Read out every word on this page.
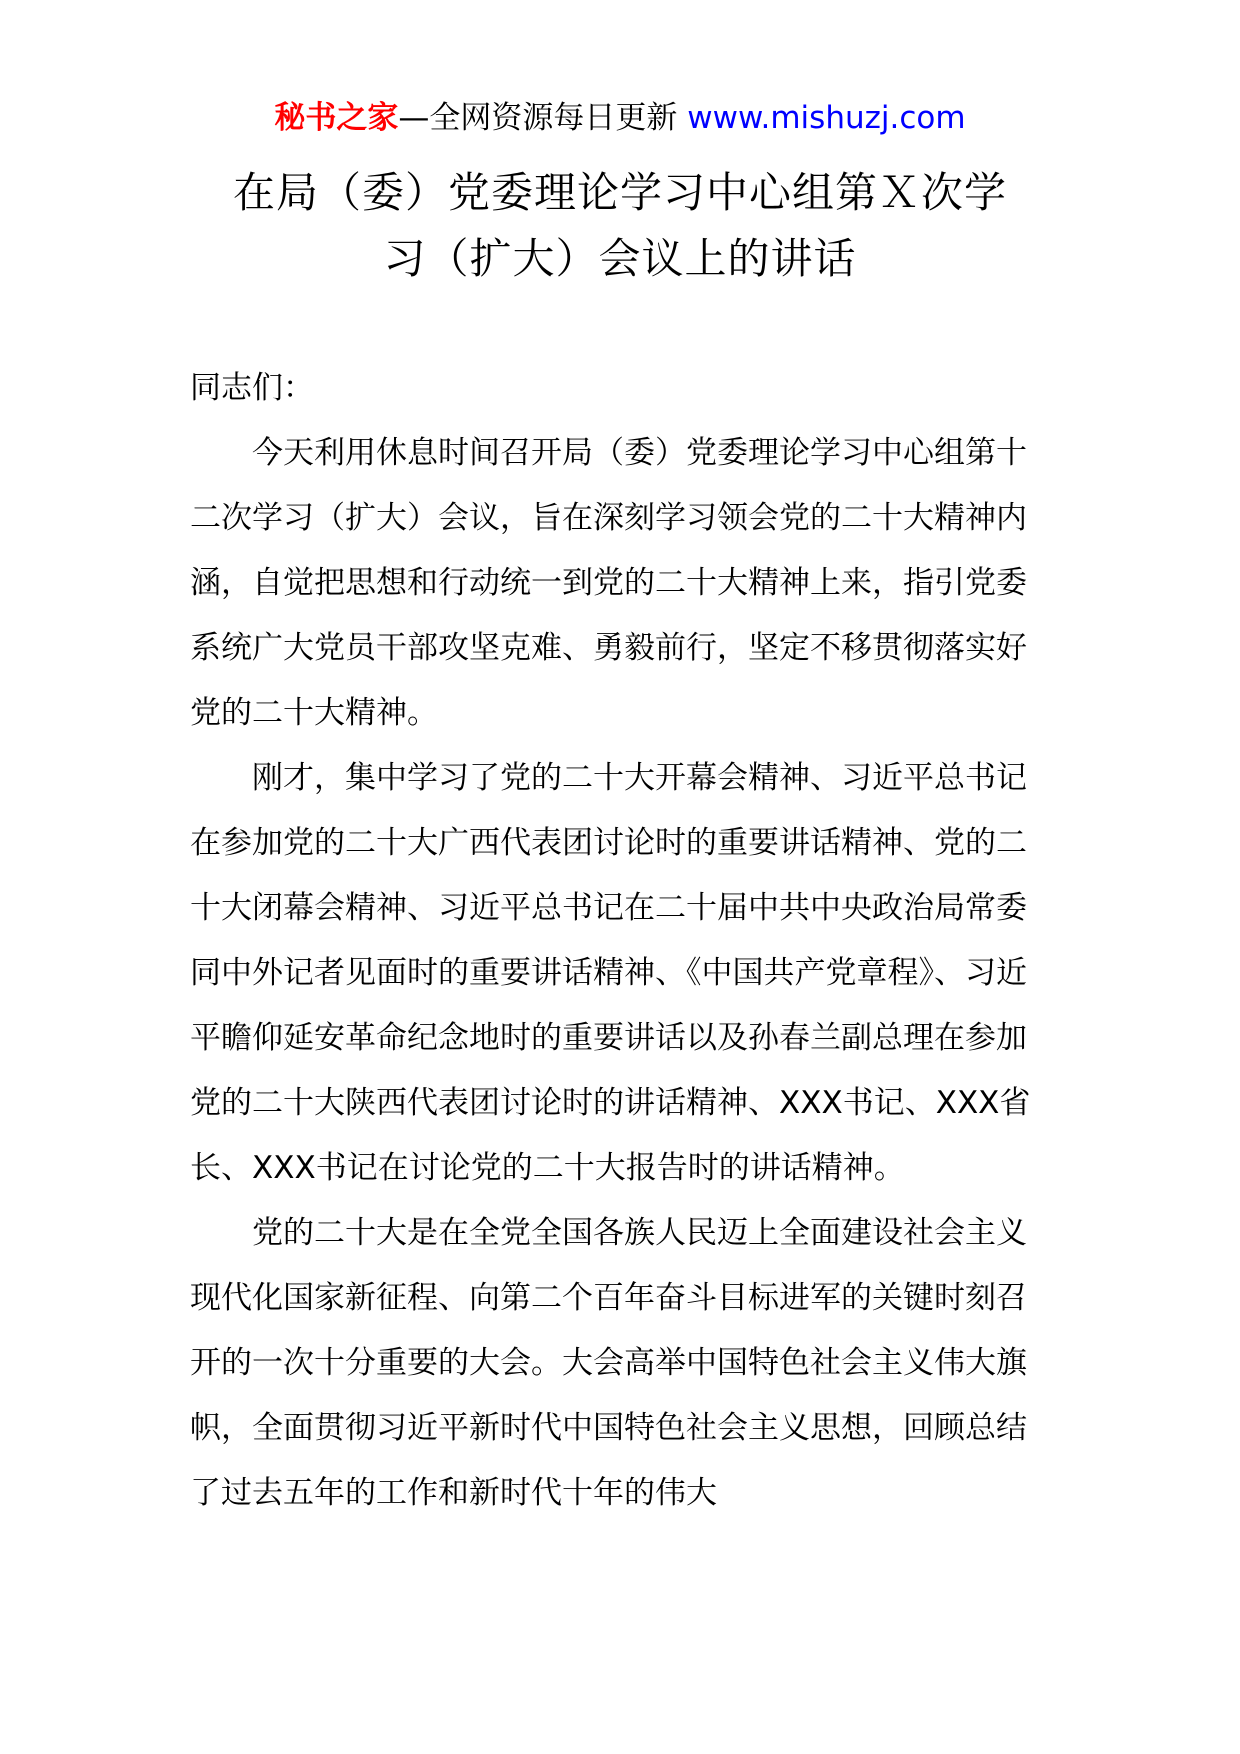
秘书之家—全网资源每日更新 www.mishuzj.com
在局（委）党委理论学习中心组第Ｘ次学
习（扩大）会议上的讲话

同志们：

今天利用休息时间召开局（委）党委理论学习中心组第十二次学习（扩大）会议，旨在深刻学习领会党的二十大精神内涵，自觉把思想和行动统一到党的二十大精神上来，指引党委系统广大党员干部攻坚克难、勇毅前行，坚定不移贯彻落实好党的二十大精神。

刚才，集中学习了党的二十大开幕会精神、习近平总书记在参加党的二十大广西代表团讨论时的重要讲话精神、党的二十大闭幕会精神、习近平总书记在二十届中共中央政治局常委同中外记者见面时的重要讲话精神、《中国共产党章程》、习近平瞻仰延安革命纪念地时的重要讲话以及孙春兰副总理在参加党的二十大陕西代表团讨论时的讲话精神、XXX书记、XXX省长、XXX书记在讨论党的二十大报告时的讲话精神。

党的二十大是在全党全国各族人民迈上全面建设社会主义现代化国家新征程、向第二个百年奋斗目标进军的关键时刻召开的一次十分重要的大会。大会高举中国特色社会主义伟大旗帜，全面贯彻习近平新时代中国特色社会主义思想，回顾总结了过去五年的工作和新时代十年的伟大
